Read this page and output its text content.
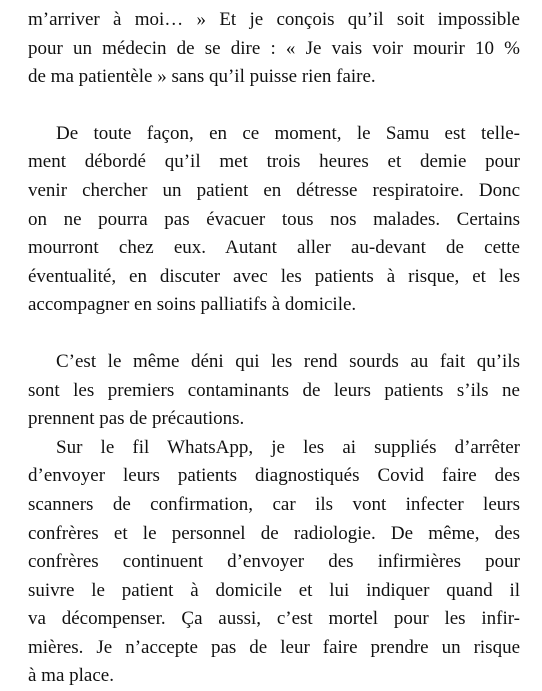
m’arriver à moi… » Et je conçois qu’il soit impossible
pour un médecin de se dire : « Je vais voir mourir 10 %
de ma patientèle » sans qu’il puisse rien faire.
De toute façon, en ce moment, le Samu est telle-
ment débordé qu’il met trois heures et demie pour
venir chercher un patient en détresse respiratoire. Donc
on ne pourra pas évacuer tous nos malades. Certains
mourront chez eux. Autant aller au-devant de cette
éventualité, en discuter avec les patients à risque, et les
accompagner en soins palliatifs à domicile.
C’est le même déni qui les rend sourds au fait qu’ils
sont les premiers contaminants de leurs patients s’ils ne
prennent pas de précautions.
Sur le fil WhatsApp, je les ai suppliés d’arrêter
d’envoyer leurs patients diagnostiqués Covid faire des
scanners de confirmation, car ils vont infecter leurs
confrères et le personnel de radiologie. De même, des
confrères continuent d’envoyer des infirmières pour
suivre le patient à domicile et lui indiquer quand il
va décompenser. Ça aussi, c’est mortel pour les infir-
mières. Je n’accepte pas de leur faire prendre un risque
à ma place.
